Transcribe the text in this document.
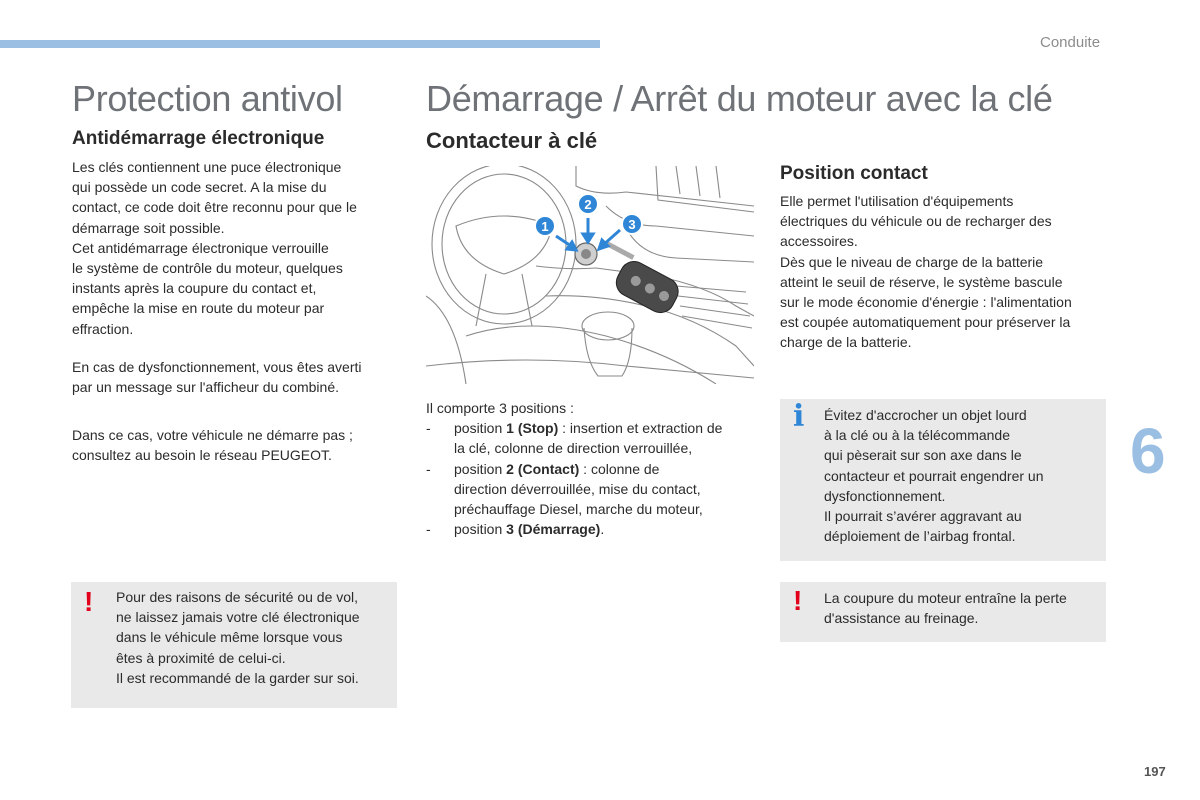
Conduite
Protection antivol
Antidémarrage électronique

Les clés contiennent une puce électronique

qui possède un code secret. A la mise du

contact, ce code doit être reconnu pour que le

démarrage soit possible.

Cet antidémarrage électronique verrouille

le système de contrôle du moteur, quelques

instants après la coupure du contact et,

empêche la mise en route du moteur par

effraction.

En cas de dysfonctionnement, vous êtes averti

par un message sur l'afficheur du combiné.

Dans ce cas, votre véhicule ne démarre pas ;

consultez au besoin le réseau PEUGEOT.

! Pour des raisons de sécurité ou de vol,

ne laissez jamais votre clé électronique

dans le véhicule même lorsque vous

êtes à proximité de celui-ci.

Il est recommandé de la garder sur soi.

Démarrage / Arrêt du moteur avec la clé
Contacteur à clé
1
2
3

Il comporte 3 positions :

-	position 1 (Stop) : insertion et extraction de
la clé, colonne de direction verrouillée,
-	position 2 (Contact) : colonne de
direction déverrouillée, mise du contact,
préchauffage Diesel, marche du moteur,
-	position 3 (Démarrage).
Position contact

Elle permet l'utilisation d'équipements

électriques du véhicule ou de recharger des

accessoires.

Dès que le niveau de charge de la batterie

atteint le seuil de réserve, le système bascule

sur le mode économie d'énergie : l'alimentation

est coupée automatiquement pour préserver la

charge de la batterie.

i Évitez d'accrocher un objet lourd

à la clé ou à la télécommande

qui pèserait sur son axe dans le

contacteur et pourrait engendrer un

dysfonctionnement.

Il pourrait s’avérer aggravant au

déploiement de l’airbag frontal.

! La coupure du moteur entraîne la perte

d'assistance au freinage.

6
197
